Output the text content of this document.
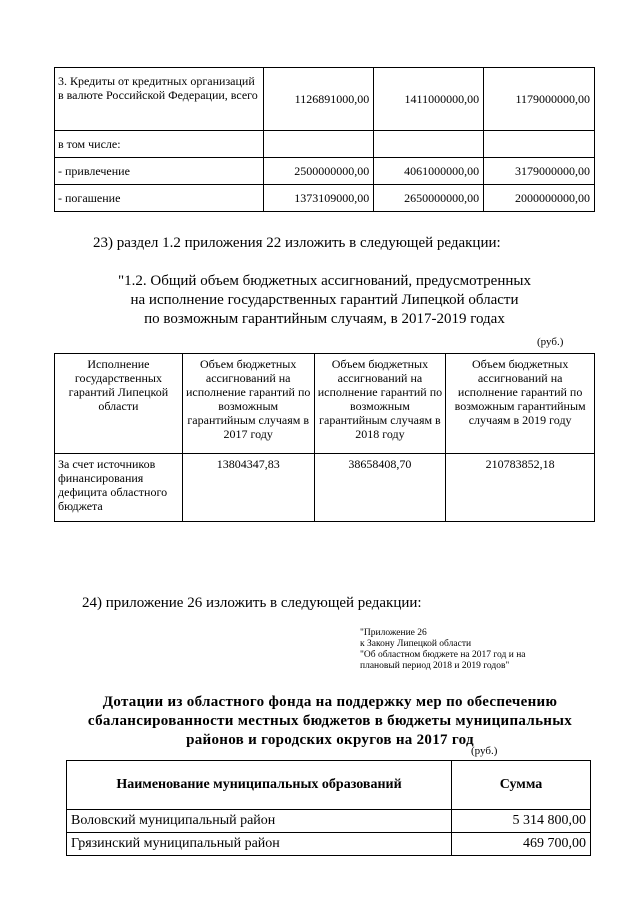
3. Кредиты от кредитных организаций в валюте Российской Федерации, всего	1126891000,00	1411000000,00	1179000000,00
в том числе:			
- привлечение	2500000000,00	4061000000,00	3179000000,00
- погашение	1373109000,00	2650000000,00	2000000000,00
23) раздел 1.2 приложения 22 изложить в следующей редакции:
"1.2. Общий объем бюджетных ассигнований, предусмотренных
на исполнение государственных гарантий Липецкой области
по возможным гарантийным случаям, в 2017-2019 годах
(руб.)
Исполнение государственных гарантий Липецкой области	Объем бюджетных ассигнований на исполнение гарантий по возможным гарантийным случаям в 2017 году	Объем бюджетных ассигнований на исполнение гарантий по возможным гарантийным случаям в 2018 году	Объем бюджетных ассигнований на исполнение гарантий по возможным гарантийным случаям в 2019 году
За счет источников финансирования дефицита областного бюджета	13804347,83	38658408,70	210783852,18
24) приложение 26 изложить в следующей редакции:
"Приложение 26
к Закону Липецкой области
"Об областном бюджете на 2017 год и на
плановый период 2018 и 2019 годов"
Дотации из областного фонда на поддержку мер по обеспечению
сбалансированности местных бюджетов в бюджеты муниципальных
районов и городских округов на 2017 год
(руб.)
Наименование муниципальных образований	Сумма
Воловский муниципальный район	5 314 800,00
Грязинский муниципальный район	469 700,00
